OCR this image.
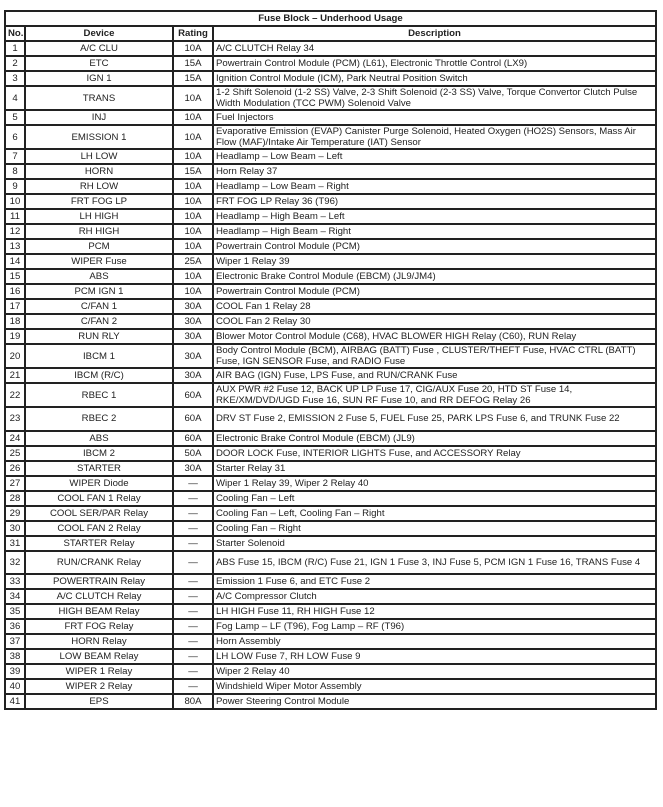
Fuse Block – Underhood Usage			
No.	Device	Rating	Description
1	A/C CLU	10A	A/C CLUTCH Relay 34
2	ETC	15A	Powertrain Control Module (PCM) (L61), Electronic Throttle Control (LX9)
3	IGN 1	15A	Ignition Control Module (ICM), Park Neutral Position Switch
4	TRANS	10A	1-2 Shift Solenoid (1-2 SS) Valve, 2-3 Shift Solenoid (2-3 SS) Valve, Torque Convertor Clutch Pulse Width Modulation (TCC PWM) Solenoid Valve
5	INJ	10A	Fuel Injectors
6	EMISSION 1	10A	Evaporative Emission (EVAP) Canister Purge Solenoid, Heated Oxygen (HO2S) Sensors, Mass Air Flow (MAF)/Intake Air Temperature (IAT) Sensor
7	LH LOW	10A	Headlamp – Low Beam – Left
8	HORN	15A	Horn Relay 37
9	RH LOW	10A	Headlamp – Low Beam – Right
10	FRT FOG LP	10A	FRT FOG LP Relay 36 (T96)
11	LH HIGH	10A	Headlamp – High Beam – Left
12	RH HIGH	10A	Headlamp – High Beam – Right
13	PCM	10A	Powertrain Control Module (PCM)
14	WIPER Fuse	25A	Wiper 1 Relay 39
15	ABS	10A	Electronic Brake Control Module (EBCM) (JL9/JM4)
16	PCM IGN 1	10A	Powertrain Control Module (PCM)
17	C/FAN 1	30A	COOL Fan 1 Relay 28
18	C/FAN 2	30A	COOL Fan 2 Relay 30
19	RUN RLY	30A	Blower Motor Control Module (C68), HVAC BLOWER HIGH Relay (C60), RUN Relay
20	IBCM 1	30A	Body Control Module (BCM), AIRBAG (BATT) Fuse , CLUSTER/THEFT Fuse, HVAC CTRL (BATT) Fuse, IGN SENSOR Fuse, and RADIO Fuse
21	IBCM (R/C)	30A	AIR BAG (IGN) Fuse, LPS Fuse, and RUN/CRANK Fuse
22	RBEC 1	60A	AUX PWR #2 Fuse 12, BACK UP LP Fuse 17, CIG/AUX Fuse 20, HTD ST Fuse 14, RKE/XM/DVD/UGD Fuse 16, SUN RF Fuse 10, and RR DEFOG Relay 26
23	RBEC 2	60A	DRV ST Fuse 2, EMISSION 2 Fuse 5, FUEL Fuse 25, PARK LPS Fuse 6, and TRUNK Fuse 22
24	ABS	60A	Electronic Brake Control Module (EBCM) (JL9)
25	IBCM 2	50A	DOOR LOCK Fuse, INTERIOR LIGHTS Fuse, and ACCESSORY Relay
26	STARTER	30A	Starter Relay 31
27	WIPER Diode	—	Wiper 1 Relay 39, Wiper 2 Relay 40
28	COOL FAN 1 Relay	—	Cooling Fan – Left
29	COOL SER/PAR Relay	—	Cooling Fan – Left, Cooling Fan – Right
30	COOL FAN 2 Relay	—	Cooling Fan – Right
31	STARTER Relay	—	Starter Solenoid
32	RUN/CRANK Relay	—	ABS Fuse 15, IBCM (R/C) Fuse 21, IGN 1 Fuse 3, INJ Fuse 5, PCM IGN 1 Fuse 16, TRANS Fuse 4
33	POWERTRAIN Relay	—	Emission 1 Fuse 6, and ETC Fuse 2
34	A/C CLUTCH Relay	—	A/C Compressor Clutch
35	HIGH BEAM Relay	—	LH HIGH Fuse 11, RH HIGH Fuse 12
36	FRT FOG Relay	—	Fog Lamp – LF (T96), Fog Lamp – RF (T96)
37	HORN Relay	—	Horn Assembly
38	LOW BEAM Relay	—	LH LOW Fuse 7, RH LOW Fuse 9
39	WIPER 1 Relay	—	Wiper 2 Relay 40
40	WIPER 2 Relay	—	Windshield Wiper Motor Assembly
41	EPS	80A	Power Steering Control Module
